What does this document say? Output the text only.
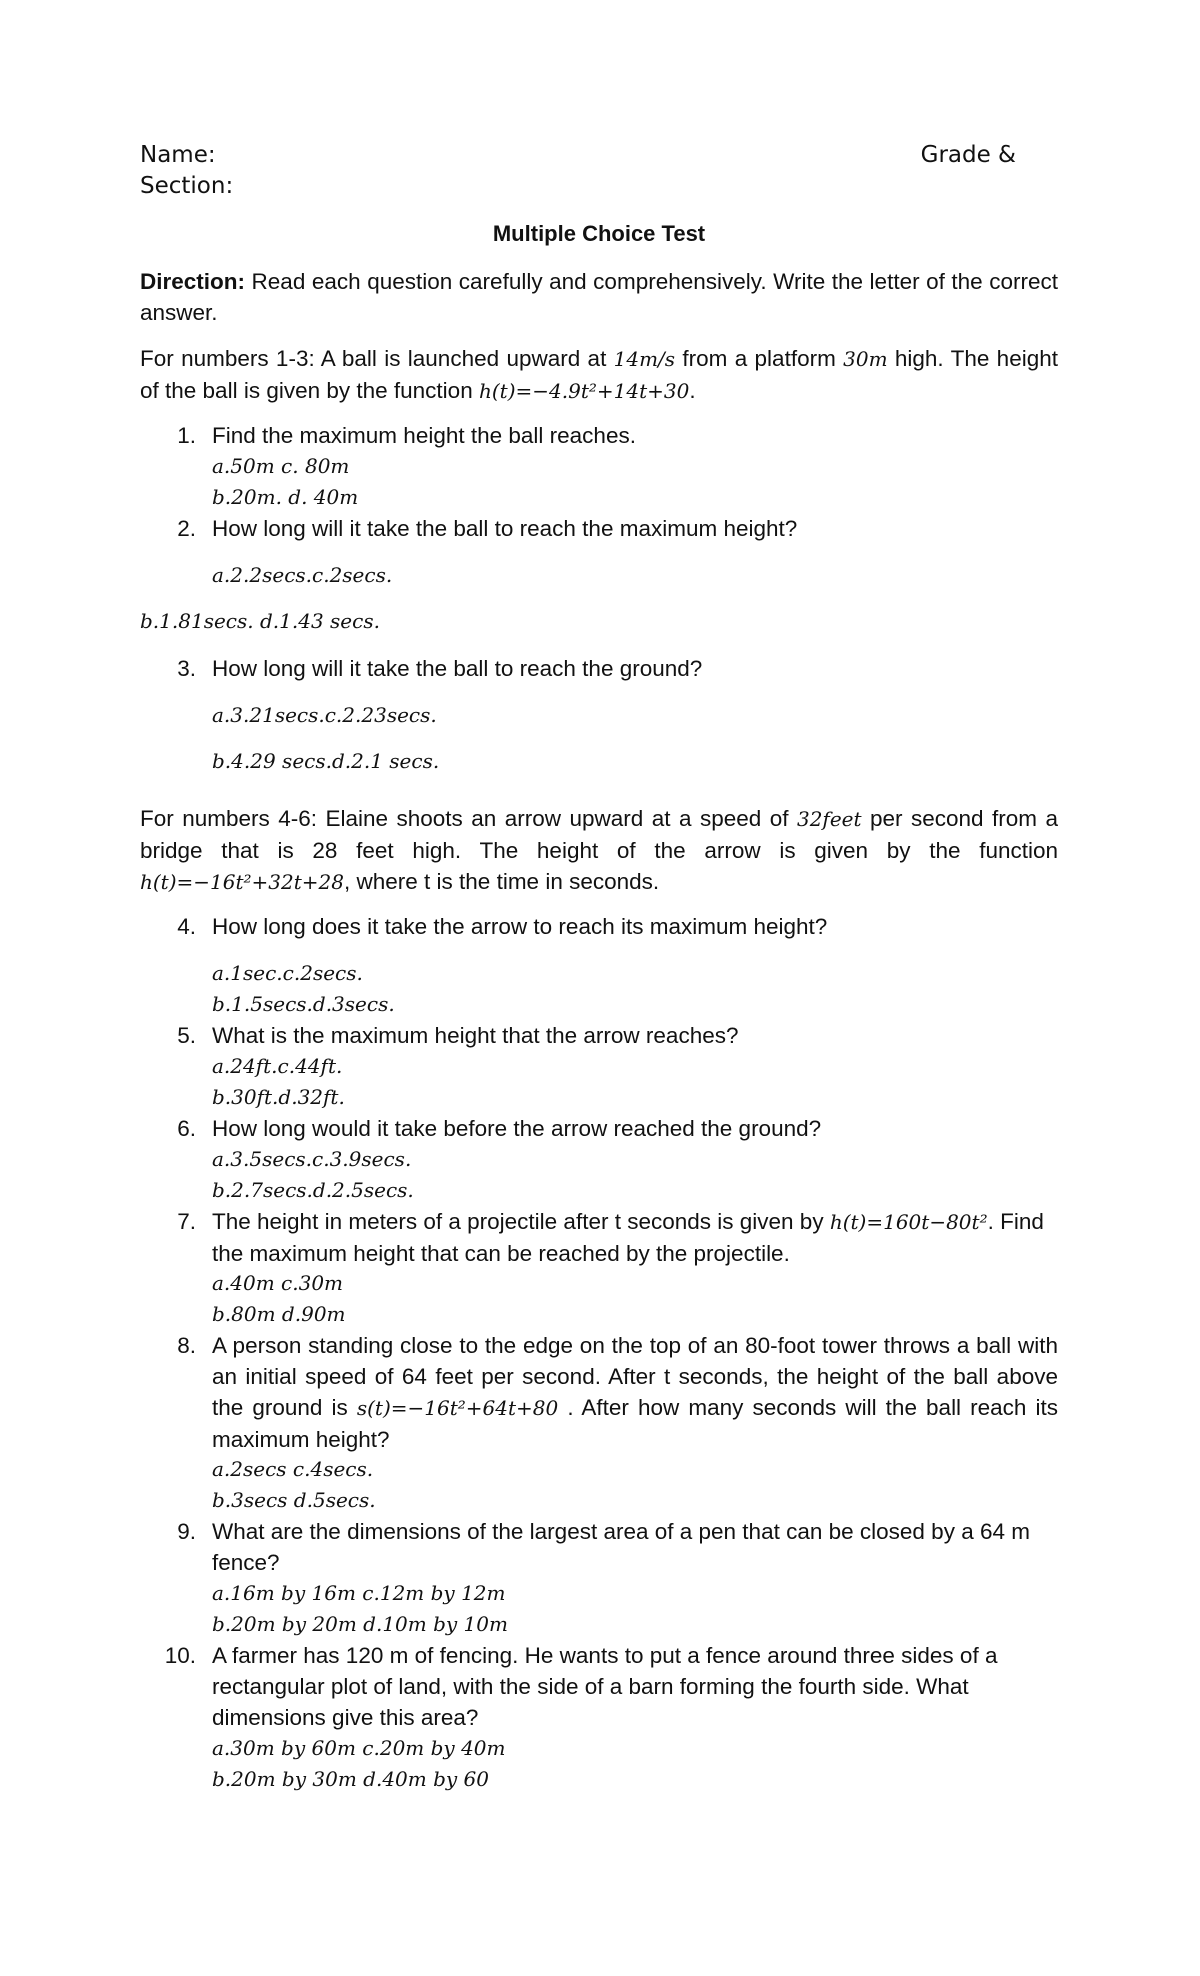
Name:	Grade &
Section:
Multiple Choice Test
Direction: Read each question carefully and comprehensively. Write the letter of the correct answer.
For numbers 1-3: A ball is launched upward at 14m/s from a platform 30m high. The height of the ball is given by the function h(t)=−4.9t²+14t+30.
1. Find the maximum height the ball reaches.
a.50m c. 80m
b.20m. d. 40m
2. How long will it take the ball to reach the maximum height?
a.2.2secs.c.2secs.
b.1.81secs. d.1.43 secs.
3. How long will it take the ball to reach the ground?
a.3.21secs.c.2.23secs.
b.4.29 secs.d.2.1 secs.
For numbers 4-6: Elaine shoots an arrow upward at a speed of 32feet per second from a bridge that is 28 feet high. The height of the arrow is given by the function h(t)=−16t²+32t+28, where t is the time in seconds.
4. How long does it take the arrow to reach its maximum height?
a.1sec.c.2secs.
b.1.5secs.d.3secs.
5. What is the maximum height that the arrow reaches?
a.24ft.c.44ft.
b.30ft.d.32ft.
6. How long would it take before the arrow reached the ground?
a.3.5secs.c.3.9secs.
b.2.7secs.d.2.5secs.
7. The height in meters of a projectile after t seconds is given by h(t)=160t−80t². Find the maximum height that can be reached by the projectile.
a.40m c.30m
b.80m d.90m
8. A person standing close to the edge on the top of an 80-foot tower throws a ball with an initial speed of 64 feet per second. After t seconds, the height of the ball above the ground is s(t)=−16t²+64t+80 . After how many seconds will the ball reach its maximum height?
a.2secs c.4secs.
b.3secs d.5secs.
9. What are the dimensions of the largest area of a pen that can be closed by a 64 m fence?
a.16m by 16m c.12m by 12m
b.20m by 20m d.10m by 10m
10. A farmer has 120 m of fencing. He wants to put a fence around three sides of a rectangular plot of land, with the side of a barn forming the fourth side. What dimensions give this area?
a.30m by 60m c.20m by 40m
b.20m by 30m d.40m by 60
